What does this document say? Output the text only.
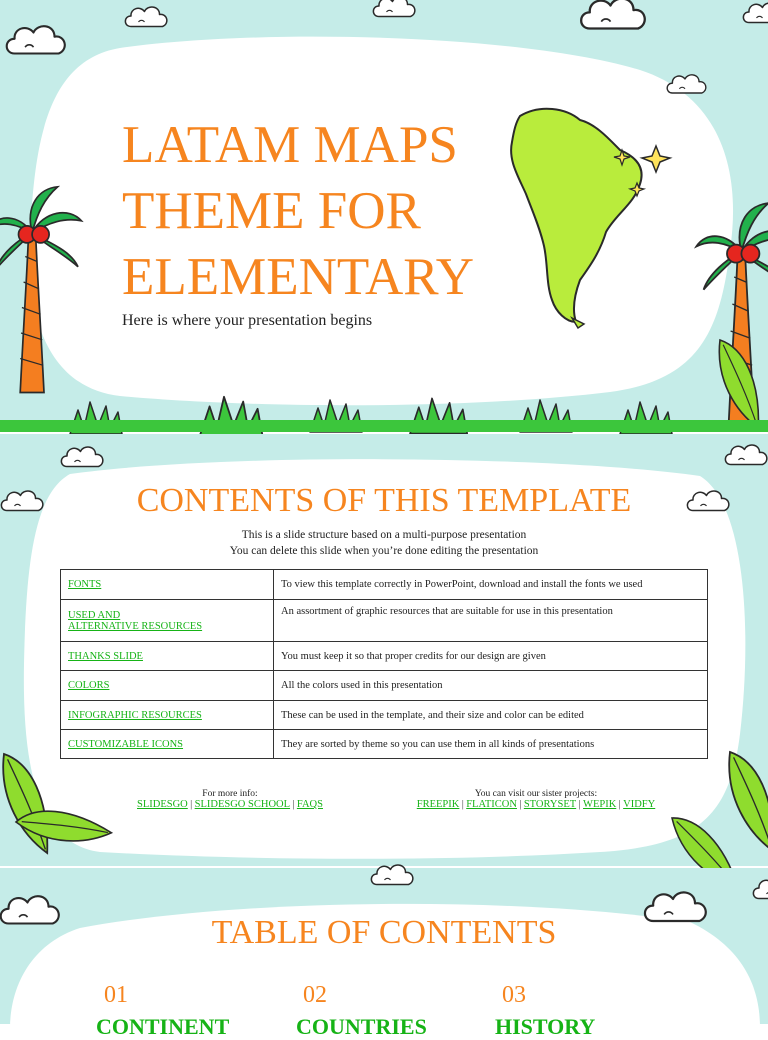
LATAM MAPS
THEME FOR
ELEMENTARY
Here is where your presentation begins
CONTENTS OF THIS TEMPLATE
This is a slide structure based on a multi-purpose presentation
You can delete this slide when you’re done editing the presentation
FONTS	To view this template correctly in PowerPoint, download and install the fonts we used
USED AND
ALTERNATIVE RESOURCES	An assortment of graphic resources that are suitable for use in this presentation
THANKS SLIDE	You must keep it so that proper credits for our design are given
COLORS	All the colors used in this presentation
INFOGRAPHIC RESOURCES	These can be used in the template, and their size and color can be edited
CUSTOMIZABLE ICONS	They are sorted by theme so you can use them in all kinds of presentations
For more info:
SLIDESGO | SLIDESGO SCHOOL | FAQS
You can visit our sister projects:
FREEPIK | FLATICON | STORYSET | WEPIK | VIDFY
TABLE OF CONTENTS
01	02	03
CONTINENT	COUNTRIES	HISTORY
